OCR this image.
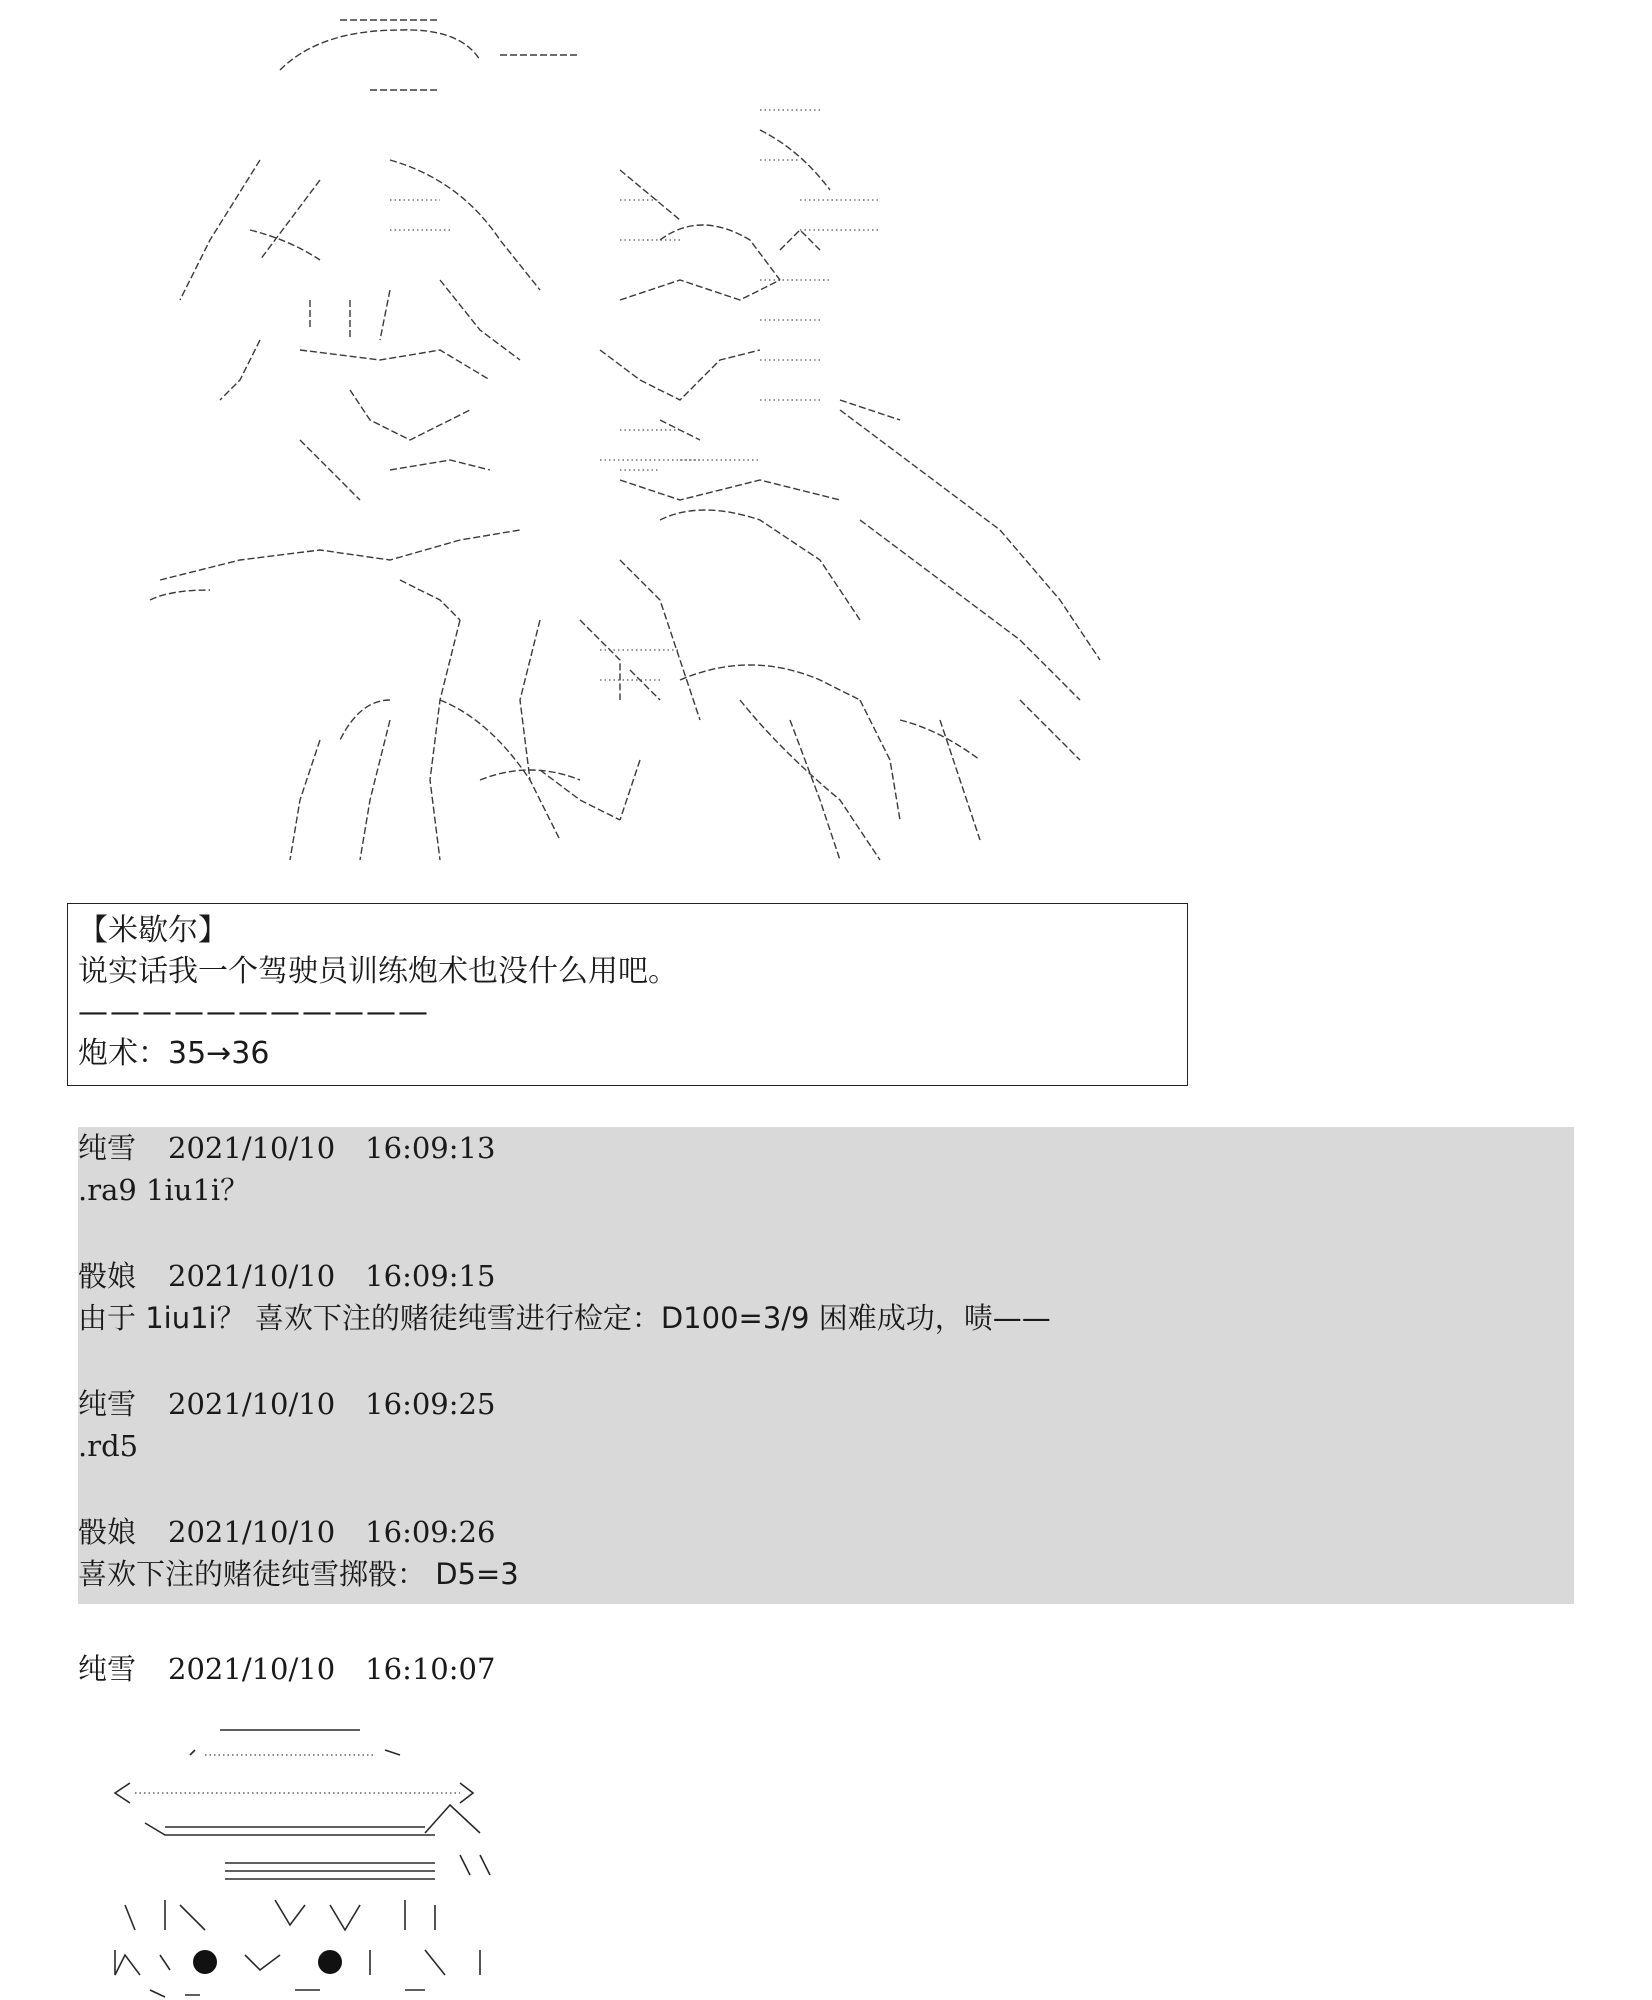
【米歇尔】
说实话我一个驾驶员训练炮术也没什么用吧。
———————————
炮术：35→36
纯雪 2021/10/10 16:09:13
.ra9 1iu1i？
骰娘 2021/10/10 16:09:15
由于 1iu1i？ 喜欢下注的赌徒纯雪进行检定：D100=3/9 困难成功，啧——
纯雪 2021/10/10 16:09:25
.rd5
骰娘 2021/10/10 16:09:26
喜欢下注的赌徒纯雪掷骰： D5=3
纯雪 2021/10/10 16:10:07
